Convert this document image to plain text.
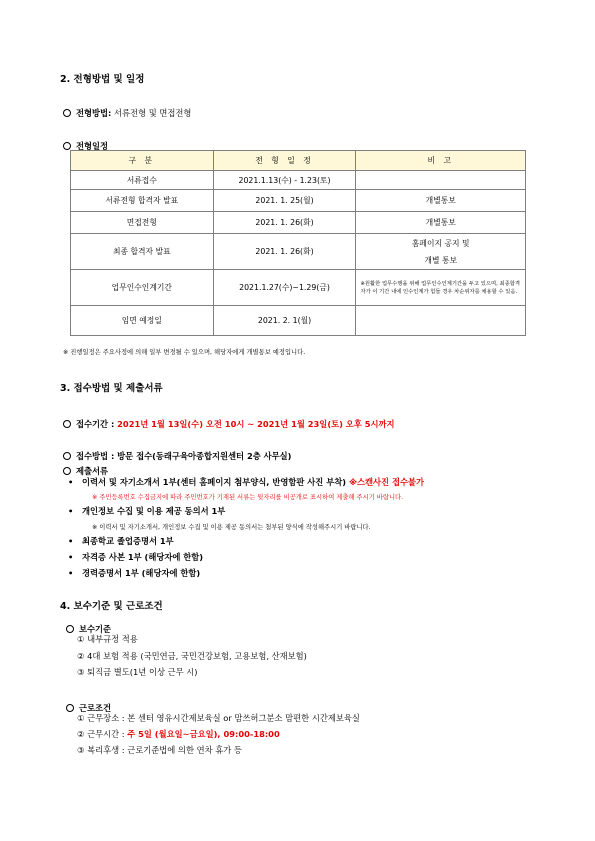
2. 전형방법 및 일정
전형방법: 서류전형 및 면접전형
전형일정
구 분	전 형 일 정	비 고
서류접수	2021.1.13(수) - 1.23(토)	
서류전형 합격자 발표	2021. 1. 25(월)	개별통보
면접전형	2021. 1. 26(화)	개별통보
최종 합격자 발표	2021. 1. 26(화)	홈페이지 공지 및
개별 통보

업무인수인계기간	2021.1.27(수)~1.29(금)	※원활한 업무수행을 위해 업무인수인계기간을 두고 있으며, 최종합격자가 이 기간 내에 인수인계가 힘들 경우 차순위자를 채용할 수 있음.
임면 예정일	2021. 2. 1(월)	
※ 진행일정은 주요사정에 의해 일부 변경될 수 있으며, 해당자에게 개별통보 예정입니다.
3. 접수방법 및 제출서류
접수기간 : 2021년 1월 13일(수) 오전 10시 ~ 2021년 1월 23일(토) 오후 5시까지
접수방법 : 방문 접수(동래구육아종합지원센터 2층 사무실)
제출서류
• 이력서 및 자기소개서 1부(센터 홈페이지 첨부양식, 반영함판 사진 부착) ※스캔사진 접수불가
※ 주민등록번호 수집금지에 따라 주민번호가 기재된 서류는 뒷자리를 비공개로 표시하여 제출해 주시기 바랍니다.
• 개인정보 수집 및 이용 제공 동의서 1부
※ 이력서 및 자기소개서, 개인정보 수집 및 이용 제공 동의서는 첨부된 양식에 작성해주시기 바랍니다.
• 최종학교 졸업증명서 1부
• 자격증 사본 1부 (해당자에 한함)
• 경력증명서 1부 (해당자에 한함)
4. 보수기준 및 근로조건
보수기준
① 내부규정 적용
② 4대 보험 적용 (국민연금, 국민건강보험, 고용보험, 산재보험)
③ 퇴직금 별도(1년 이상 근무 시)
근로조건
① 근무장소 : 본 센터 영유시간제보육실 or 맘쓰허그분소 맘편한 시간제보육실
② 근무시간 : 주 5일 (월요일~금요일), 09:00-18:00
③ 복리후생 : 근로기준법에 의한 연차 휴가 등
